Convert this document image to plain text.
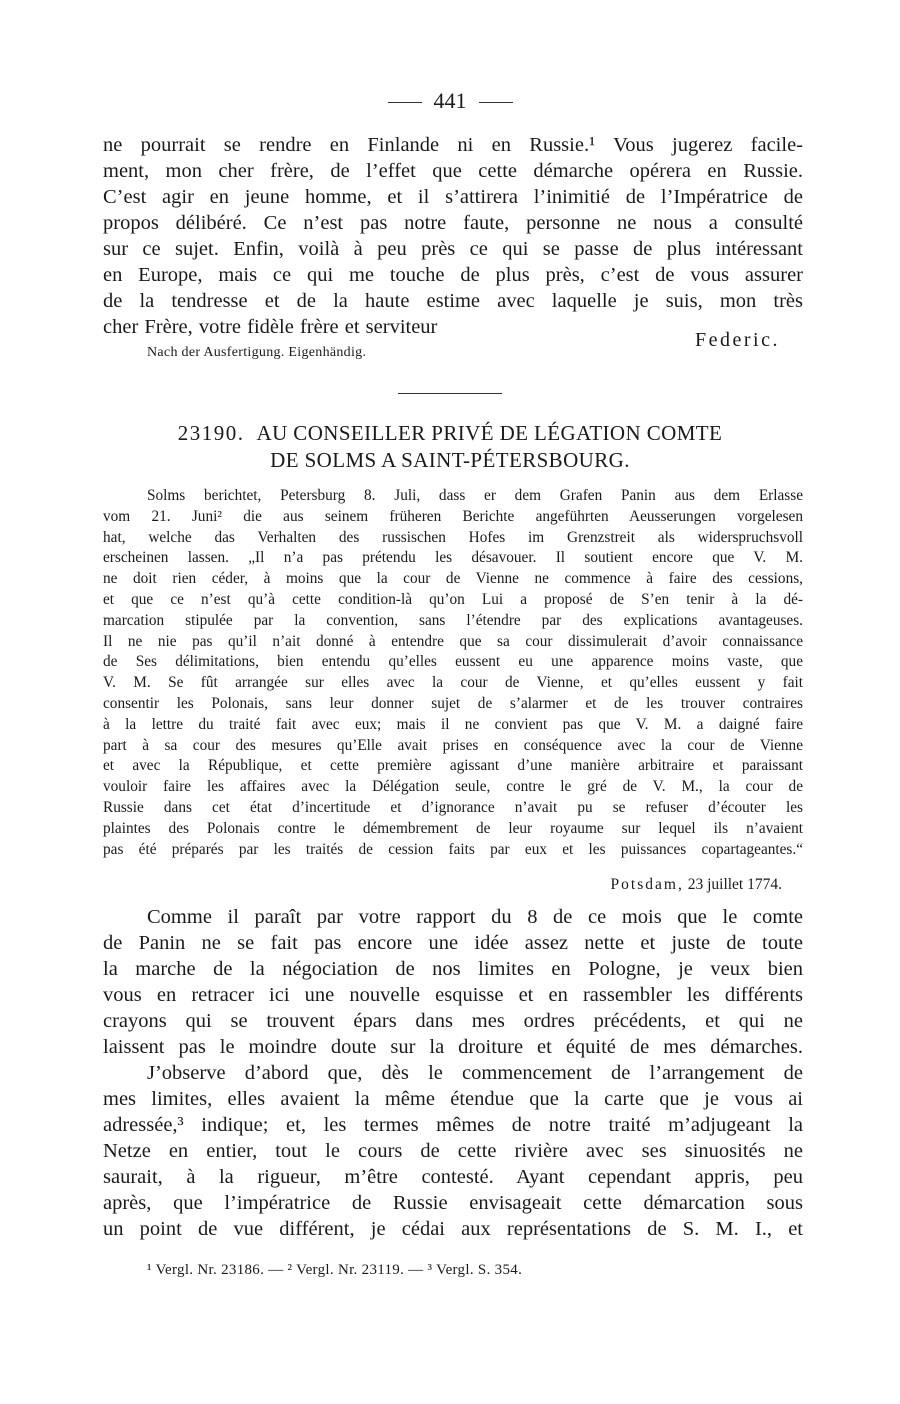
441
ne pourrait se rendre en Finlande ni en Russie.¹ Vous jugerez facile-
ment, mon cher frère, de l’effet que cette démarche opérera en Russie.
C’est agir en jeune homme, et il s’attirera l’inimitié de l’Impératrice de
propos délibéré. Ce n’est pas notre faute, personne ne nous a consulté
sur ce sujet. Enfin, voilà à peu près ce qui se passe de plus intéressant
en Europe, mais ce qui me touche de plus près, c’est de vous assurer
de la tendresse et de la haute estime avec laquelle je suis, mon très
cher Frère, votre fidèle frère et serviteur
Federic.
Nach der Ausfertigung. Eigenhändig.
23190. AU CONSEILLER PRIVÉ DE LÉGATION COMTE
DE SOLMS A SAINT-PÉTERSBOURG.
Solms berichtet, Petersburg 8. Juli, dass er dem Grafen Panin aus dem Erlasse
vom 21. Juni² die aus seinem früheren Berichte angeführten Aeusserungen vorgelesen
hat, welche das Verhalten des russischen Hofes im Grenzstreit als widerspruchsvoll
erscheinen lassen. „Il n’a pas prétendu les désavouer. Il soutient encore que V. M.
ne doit rien céder, à moins que la cour de Vienne ne commence à faire des cessions,
et que ce n’est qu’à cette condition-là qu’on Lui a proposé de S’en tenir à la dé-
marcation stipulée par la convention, sans l’étendre par des explications avantageuses.
Il ne nie pas qu’il n’ait donné à entendre que sa cour dissimulerait d’avoir connaissance
de Ses délimitations, bien entendu qu’elles eussent eu une apparence moins vaste, que
V. M. Se fût arrangée sur elles avec la cour de Vienne, et qu’elles eussent y fait
consentir les Polonais, sans leur donner sujet de s’alarmer et de les trouver contraires
à la lettre du traité fait avec eux; mais il ne convient pas que V. M. a daigné faire
part à sa cour des mesures qu’Elle avait prises en conséquence avec la cour de Vienne
et avec la République, et cette première agissant d’une manière arbitraire et paraissant
vouloir faire les affaires avec la Délégation seule, contre le gré de V. M., la cour de
Russie dans cet état d’incertitude et d’ignorance n’avait pu se refuser d’écouter les
plaintes des Polonais contre le démembrement de leur royaume sur lequel ils n’avaient
pas été préparés par les traités de cession faits par eux et les puissances copartageantes.“
Potsdam, 23 juillet 1774.
Comme il paraît par votre rapport du 8 de ce mois que le comte
de Panin ne se fait pas encore une idée assez nette et juste de toute
la marche de la négociation de nos limites en Pologne, je veux bien
vous en retracer ici une nouvelle esquisse et en rassembler les différents
crayons qui se trouvent épars dans mes ordres précédents, et qui ne
laissent pas le moindre doute sur la droiture et équité de mes démarches.
J’observe d’abord que, dès le commencement de l’arrangement de
mes limites, elles avaient la même étendue que la carte que je vous ai
adressée,³ indique; et, les termes mêmes de notre traité m’adjugeant la
Netze en entier, tout le cours de cette rivière avec ses sinuosités ne
saurait, à la rigueur, m’être contesté. Ayant cependant appris, peu
après, que l’impératrice de Russie envisageait cette démarcation sous
un point de vue différent, je cédai aux représentations de S. M. I., et
¹ Vergl. Nr. 23186. — ² Vergl. Nr. 23119. — ³ Vergl. S. 354.
